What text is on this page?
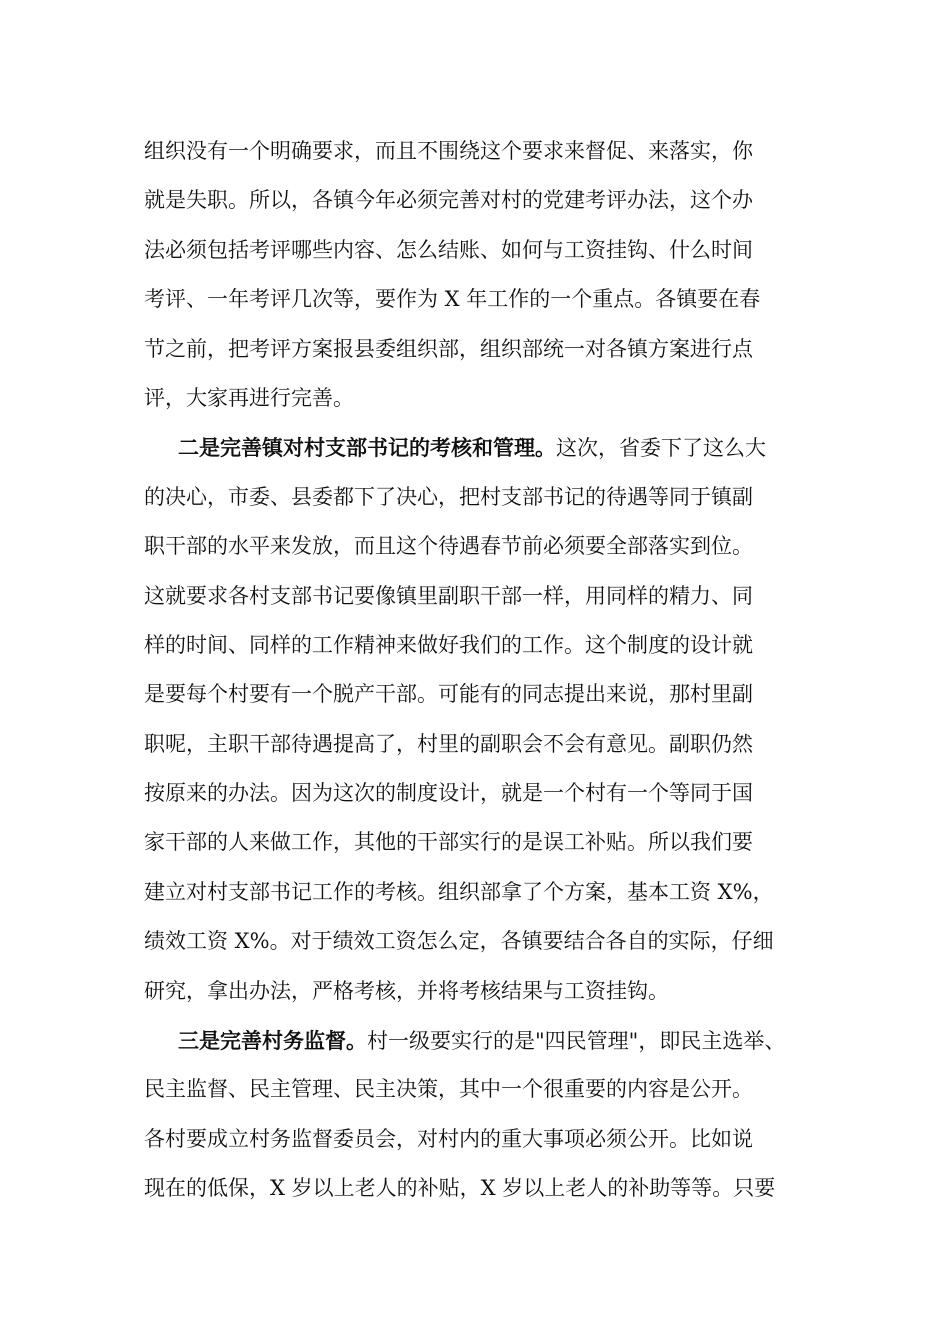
组织没有一个明确要求，而且不围绕这个要求来督促、来落实，你
就是失职。所以，各镇今年必须完善对村的党建考评办法，这个办
法必须包括考评哪些内容、怎么结账、如何与工资挂钩、什么时间
考评、一年考评几次等，要作为 X 年工作的一个重点。各镇要在春
节之前，把考评方案报县委组织部，组织部统一对各镇方案进行点
评，大家再进行完善。
二是完善镇对村支部书记的考核和管理。这次，省委下了这么大
的决心，市委、县委都下了决心，把村支部书记的待遇等同于镇副
职干部的水平来发放，而且这个待遇春节前必须要全部落实到位。
这就要求各村支部书记要像镇里副职干部一样，用同样的精力、同
样的时间、同样的工作精神来做好我们的工作。这个制度的设计就
是要每个村要有一个脱产干部。可能有的同志提出来说，那村里副
职呢，主职干部待遇提高了，村里的副职会不会有意见。副职仍然
按原来的办法。因为这次的制度设计，就是一个村有一个等同于国
家干部的人来做工作，其他的干部实行的是误工补贴。所以我们要
建立对村支部书记工作的考核。组织部拿了个方案，基本工资 X%，
绩效工资 X%。对于绩效工资怎么定，各镇要结合各自的实际，仔细
研究，拿出办法，严格考核，并将考核结果与工资挂钩。
三是完善村务监督。村一级要实行的是"四民管理"，即民主选举、
民主监督、民主管理、民主决策，其中一个很重要的内容是公开。
各村要成立村务监督委员会，对村内的重大事项必须公开。比如说
现在的低保，X 岁以上老人的补贴，X 岁以上老人的补助等等。只要
